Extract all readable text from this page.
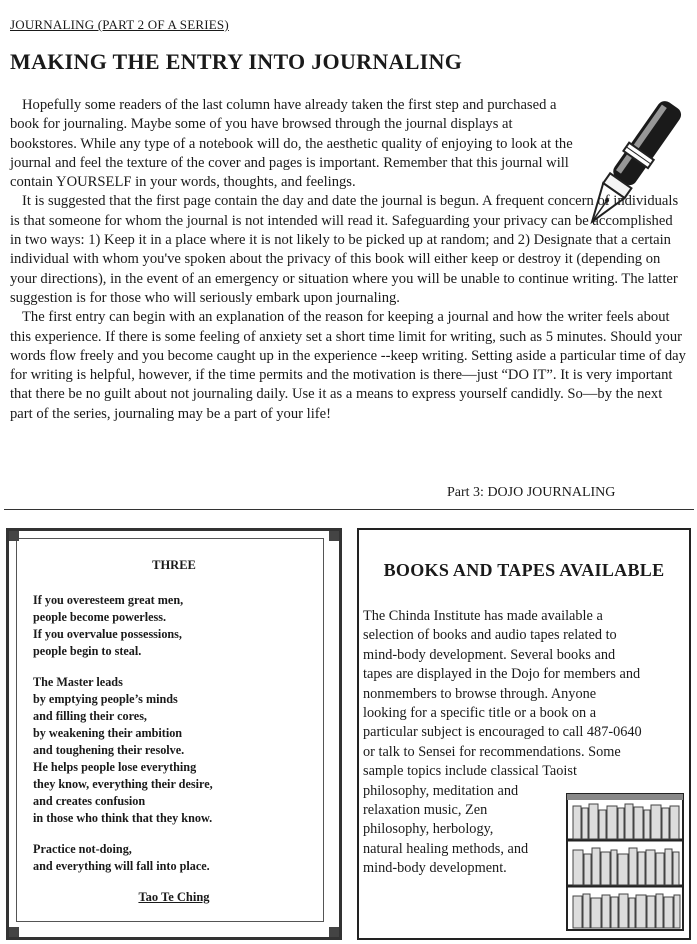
JOURNALING (PART 2 OF A SERIES)
MAKING THE ENTRY INTO JOURNALING

Hopefully some readers of the last column have already taken the first step and purchased a book for journaling. Maybe some of you have browsed through the journal displays at bookstores. While any type of a notebook will do, the aesthetic quality of enjoying to look at the journal and feel the texture of the cover and pages is important. Remember that this journal will contain YOURSELF in your words, thoughts, and feelings.

It is suggested that the first page contain the day and date the journal is begun. A frequent concern of individuals is that someone for whom the journal is not intended will read it. Safeguarding your privacy can be accomplished in two ways: 1) Keep it in a place where it is not likely to be picked up at random; and 2) Designate that a certain individual with whom you've spoken about the privacy of this book will either keep or destroy it (depending on your directions), in the event of an emergency or situation where you will be unable to continue writing. The latter suggestion is for those who will seriously embark upon journaling.

The first entry can begin with an explanation of the reason for keeping a journal and how the writer feels about this experience. If there is some feeling of anxiety set a short time limit for writing, such as 5 minutes. Should your words flow freely and you become caught up in the experience --keep writing. Setting aside a particular time of day for writing is helpful, however, if the time permits and the motivation is there—just “DO IT”. It is very important that there be no guilt about not journaling daily. Use it as a means to express yourself candidly. So—by the next part of the series, journaling may be a part of your life!

Part 3: DOJO JOURNALING
THREE
If you overesteem great men,
people become powerless.
If you overvalue possessions,
people begin to steal.
The Master leads
by emptying people’s minds
and filling their cores,
by weakening their ambition
and toughening their resolve.
He helps people lose everything
they know, everything their desire,
and creates confusion
in those who think that they know.
Practice not-doing,
and everything will fall into place.
Tao Te Ching
BOOKS AND TAPES AVAILABLE
The Chinda Institute has made available a
selection of books and audio tapes related to
mind-body development. Several books and
tapes are displayed in the Dojo for members and
nonmembers to browse through. Anyone
looking for a specific title or a book on a
particular subject is encouraged to call 487-0640
or talk to Sensei for recommendations. Some
sample topics include classical Taoist
philosophy, meditation and
relaxation music, Zen
philosophy, herbology,
natural healing methods, and
mind-body development.
